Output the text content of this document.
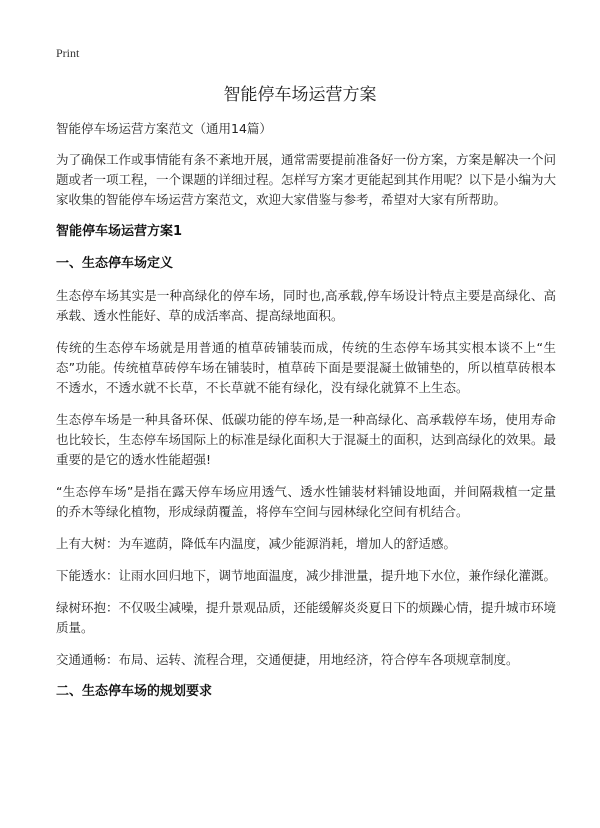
Print
智能停车场运营方案
智能停车场运营方案范文（通用14篇）

为了确保工作或事情能有条不紊地开展，通常需要提前准备好一份方案，方案是解决一个问题或者一项工程，一个课题的详细过程。怎样写方案才更能起到其作用呢？以下是小编为大家收集的智能停车场运营方案范文，欢迎大家借鉴与参考，希望对大家有所帮助。

智能停车场运营方案1
一、生态停车场定义

生态停车场其实是一种高绿化的停车场，同时也,高承载,停车场设计特点主要是高绿化、高承载、透水性能好、草的成活率高、提高绿地面积。

传统的生态停车场就是用普通的植草砖铺装而成，传统的生态停车场其实根本谈不上“生态”功能。传统植草砖停车场在铺装时，植草砖下面是要混凝土做铺垫的，所以植草砖根本不透水，不透水就不长草，不长草就不能有绿化，没有绿化就算不上生态。

生态停车场是一种具备环保、低碳功能的停车场,是一种高绿化、高承载停车场，使用寿命也比较长，生态停车场国际上的标准是绿化面积大于混凝土的面积，达到高绿化的效果。最重要的是它的透水性能超强!

“生态停车场”是指在露天停车场应用透气、透水性铺装材料铺设地面，并间隔栽植一定量的乔木等绿化植物，形成绿荫覆盖，将停车空间与园林绿化空间有机结合。

上有大树：为车遮荫，降低车内温度，减少能源消耗，增加人的舒适感。

下能透水：让雨水回归地下，调节地面温度，减少排泄量，提升地下水位，兼作绿化灌溉。

绿树环抱：不仅吸尘减噪，提升景观品质，还能缓解炎炎夏日下的烦躁心情，提升城市环境质量。

交通通畅：布局、运转、流程合理，交通便捷，用地经济，符合停车各项规章制度。

二、生态停车场的规划要求
